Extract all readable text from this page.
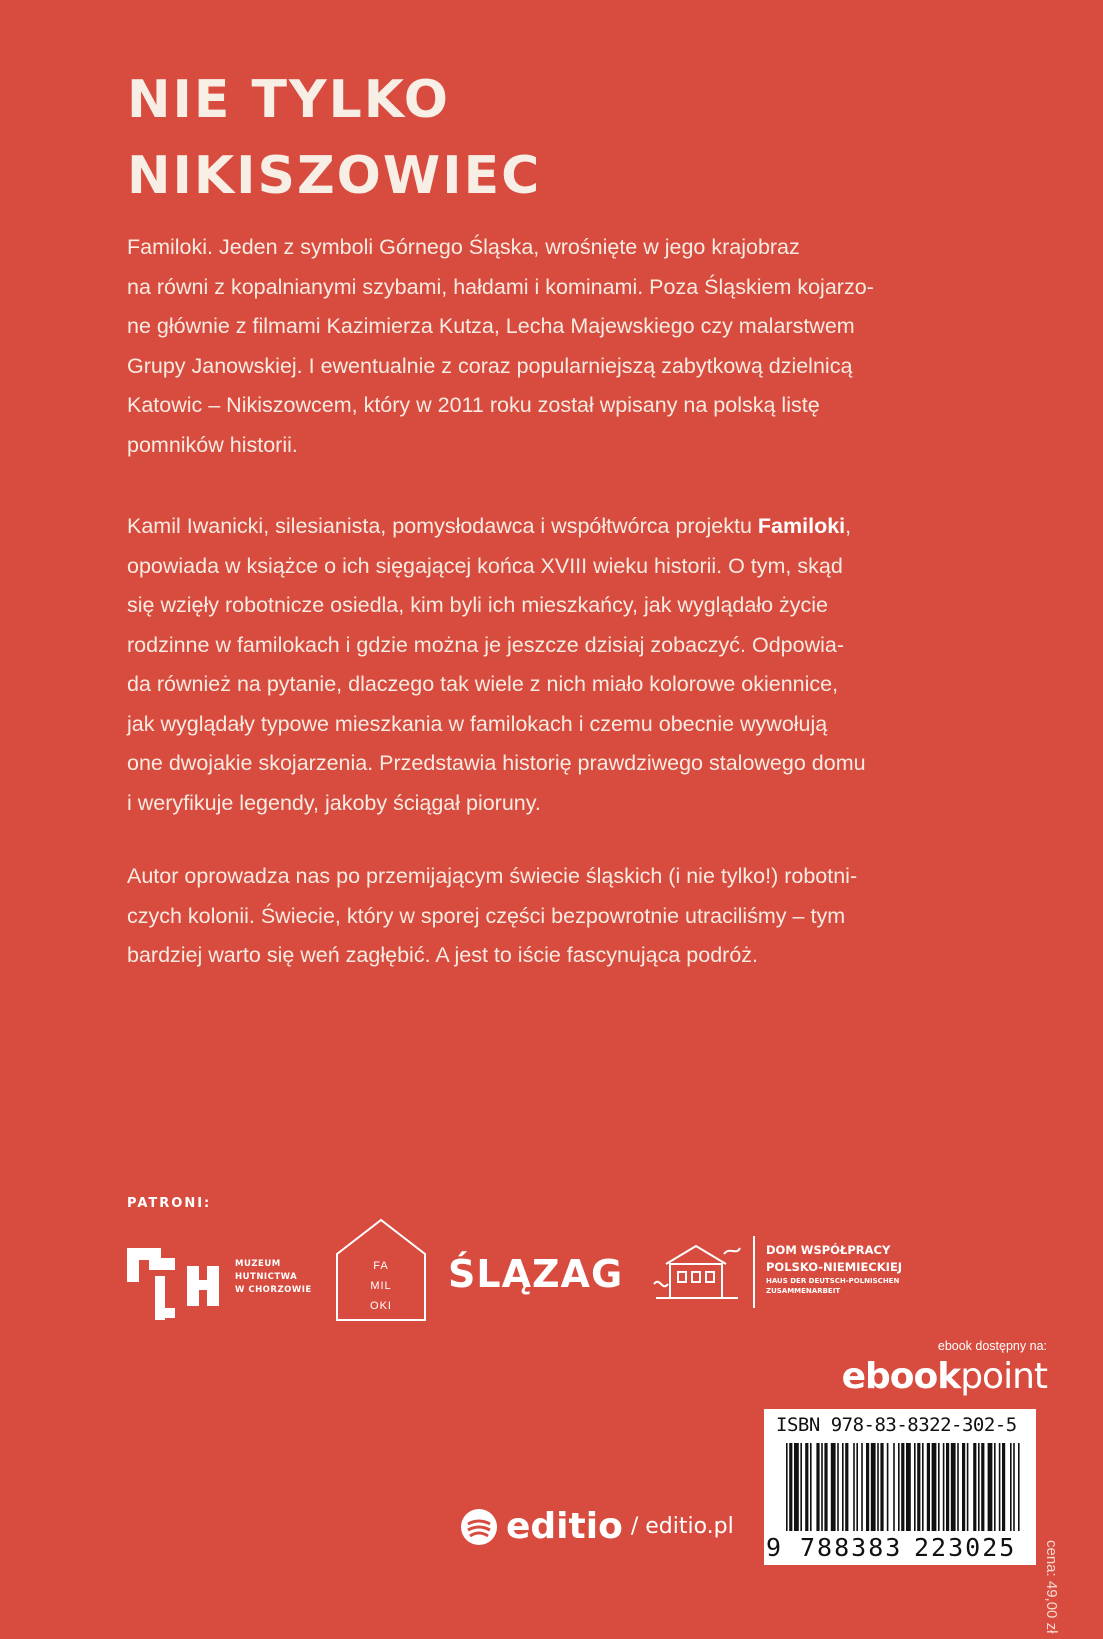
NIE TYLKO
NIKISZOWIEC
Familoki. Jeden z symboli Górnego Śląska, wrośnięte w jego krajobraz
na równi z kopalnianymi szybami, hałdami i kominami. Poza Śląskiem kojarzo-
ne głównie z filmami Kazimierza Kutza, Lecha Majewskiego czy malarstwem
Grupy Janowskiej. I ewentualnie z coraz popularniejszą zabytkową dzielnicą
Katowic – Nikiszowcem, który w 2011 roku został wpisany na polską listę
pomników historii.
Kamil Iwanicki, silesianista, pomysłodawca i współtwórca projektu Familoki,
opowiada w książce o ich sięgającej końca XVIII wieku historii. O tym, skąd
się wzięły robotnicze osiedla, kim byli ich mieszkańcy, jak wyglądało życie
rodzinne w familokach i gdzie można je jeszcze dzisiaj zobaczyć. Odpowia-
da również na pytanie, dlaczego tak wiele z nich miało kolorowe okiennice,
jak wyglądały typowe mieszkania w familokach i czemu obecnie wywołują
one dwojakie skojarzenia. Przedstawia historię prawdziwego stalowego domu
i weryfikuje legendy, jakoby ściągał pioruny.
Autor oprowadza nas po przemijającym świecie śląskich (i nie tylko!) robotni-
czych kolonii. Świecie, który w sporej części bezpowrotnie utraciliśmy – tym
bardziej warto się weń zagłębić. A jest to iście fascynująca podróż.
PATRONI:
MUZEUM
HUTNICTWA
W CHORZOWIE
FA
MIL
OKI
ŚLĄZAG
DOM WSPÓŁPRACY
POLSKO-NIEMIECKIEJ
HAUS DER DEUTSCH-POLNISCHEN
ZUSAMMENARBEIT
ebook dostępny na:
ebookpoint
ISBN 978-83-8322-302-5
9 788383 223025 cena: 49,00 zł
editio / editio.pl
